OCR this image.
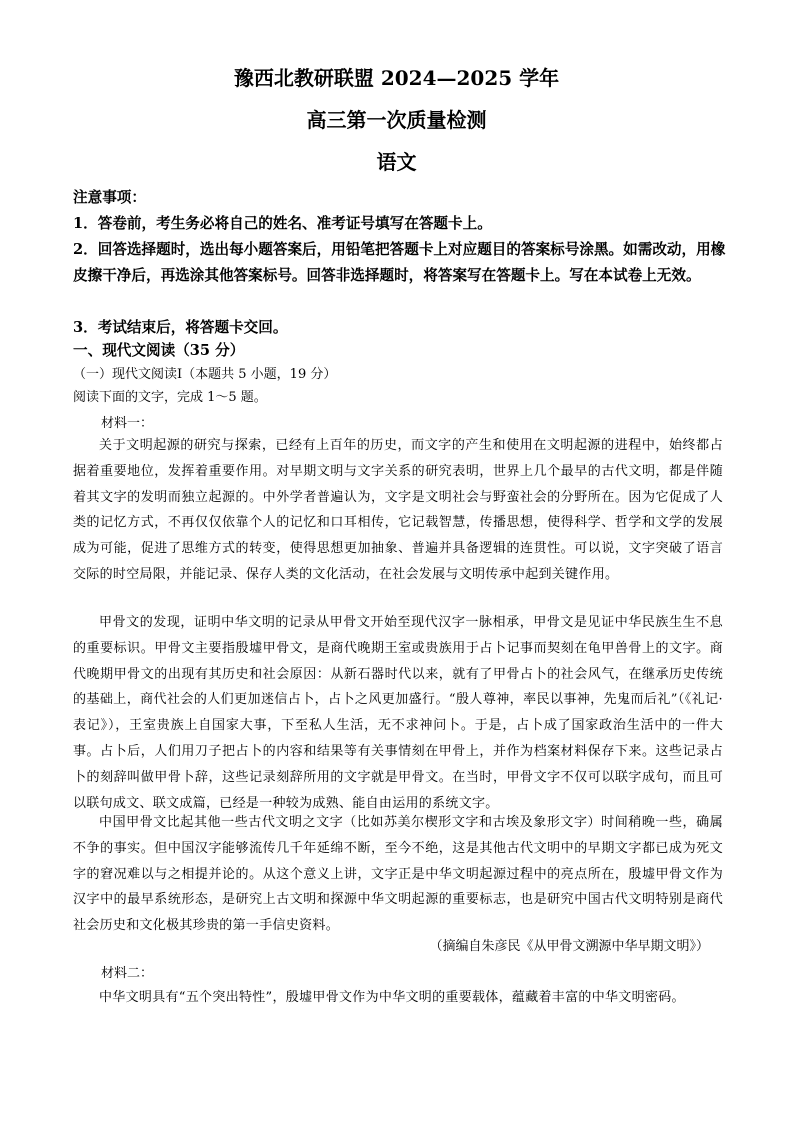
豫西北教研联盟 2024—2025 学年
高三第一次质量检测
语文
注意事项：
1．答卷前，考生务必将自己的姓名、准考证号填写在答题卡上。
2．回答选择题时，选出每小题答案后，用铅笔把答题卡上对应题目的答案标号涂黑。如需改动，用橡皮擦干净后，再选涂其他答案标号。回答非选择题时，将答案写在答题卡上。写在本试卷上无效。
3．考试结束后，将答题卡交回。
一、现代文阅读（35 分）
（一）现代文阅读Ⅰ（本题共 5 小题，19 分）
阅读下面的文字，完成 1～5 题。
材料一：
关于文明起源的研究与探索，已经有上百年的历史，而文字的产生和使用在文明起源的进程中，始终都占据着重要地位，发挥着重要作用。对早期文明与文字关系的研究表明，世界上几个最早的古代文明，都是伴随着其文字的发明而独立起源的。中外学者普遍认为，文字是文明社会与野蛮社会的分野所在。因为它促成了人类的记忆方式，不再仅仅依靠个人的记忆和口耳相传，它记载智慧，传播思想，使得科学、哲学和文学的发展成为可能，促进了思维方式的转变，使得思想更加抽象、普遍并具备逻辑的连贯性。可以说，文字突破了语言交际的时空局限，并能记录、保存人类的文化活动，在社会发展与文明传承中起到关键作用。
甲骨文的发现，证明中华文明的记录从甲骨文开始至现代汉字一脉相承，甲骨文是见证中华民族生生不息的重要标识。甲骨文主要指殷墟甲骨文，是商代晚期王室或贵族用于占卜记事而契刻在龟甲兽骨上的文字。商代晚期甲骨文的出现有其历史和社会原因：从新石器时代以来，就有了甲骨占卜的社会风气，在继承历史传统的基础上，商代社会的人们更加迷信占卜，占卜之风更加盛行。“殷人尊神，率民以事神，先鬼而后礼”（《礼记·表记》），王室贵族上自国家大事，下至私人生活，无不求神问卜。于是，占卜成了国家政治生活中的一件大事。占卜后，人们用刀子把占卜的内容和结果等有关事情刻在甲骨上，并作为档案材料保存下来。这些记录占卜的刻辞叫做甲骨卜辞，这些记录刻辞所用的文字就是甲骨文。在当时，甲骨文字不仅可以联字成句，而且可以联句成文、联文成篇，已经是一种较为成熟、能自由运用的系统文字。
中国甲骨文比起其他一些古代文明之文字（比如苏美尔楔形文字和古埃及象形文字）时间稍晚一些，确属不争的事实。但中国汉字能够流传几千年延绵不断，至今不绝，这是其他古代文明中的早期文字都已成为死文字的窘况难以与之相提并论的。从这个意义上讲，文字正是中华文明起源过程中的亮点所在，殷墟甲骨文作为汉字中的最早系统形态，是研究上古文明和探源中华文明起源的重要标志，也是研究中国古代文明特别是商代社会历史和文化极其珍贵的第一手信史资料。
（摘编自朱彦民《从甲骨文溯源中华早期文明》）
材料二：
中华文明具有“五个突出特性”，殷墟甲骨文作为中华文明的重要载体，蕴藏着丰富的中华文明密码。
